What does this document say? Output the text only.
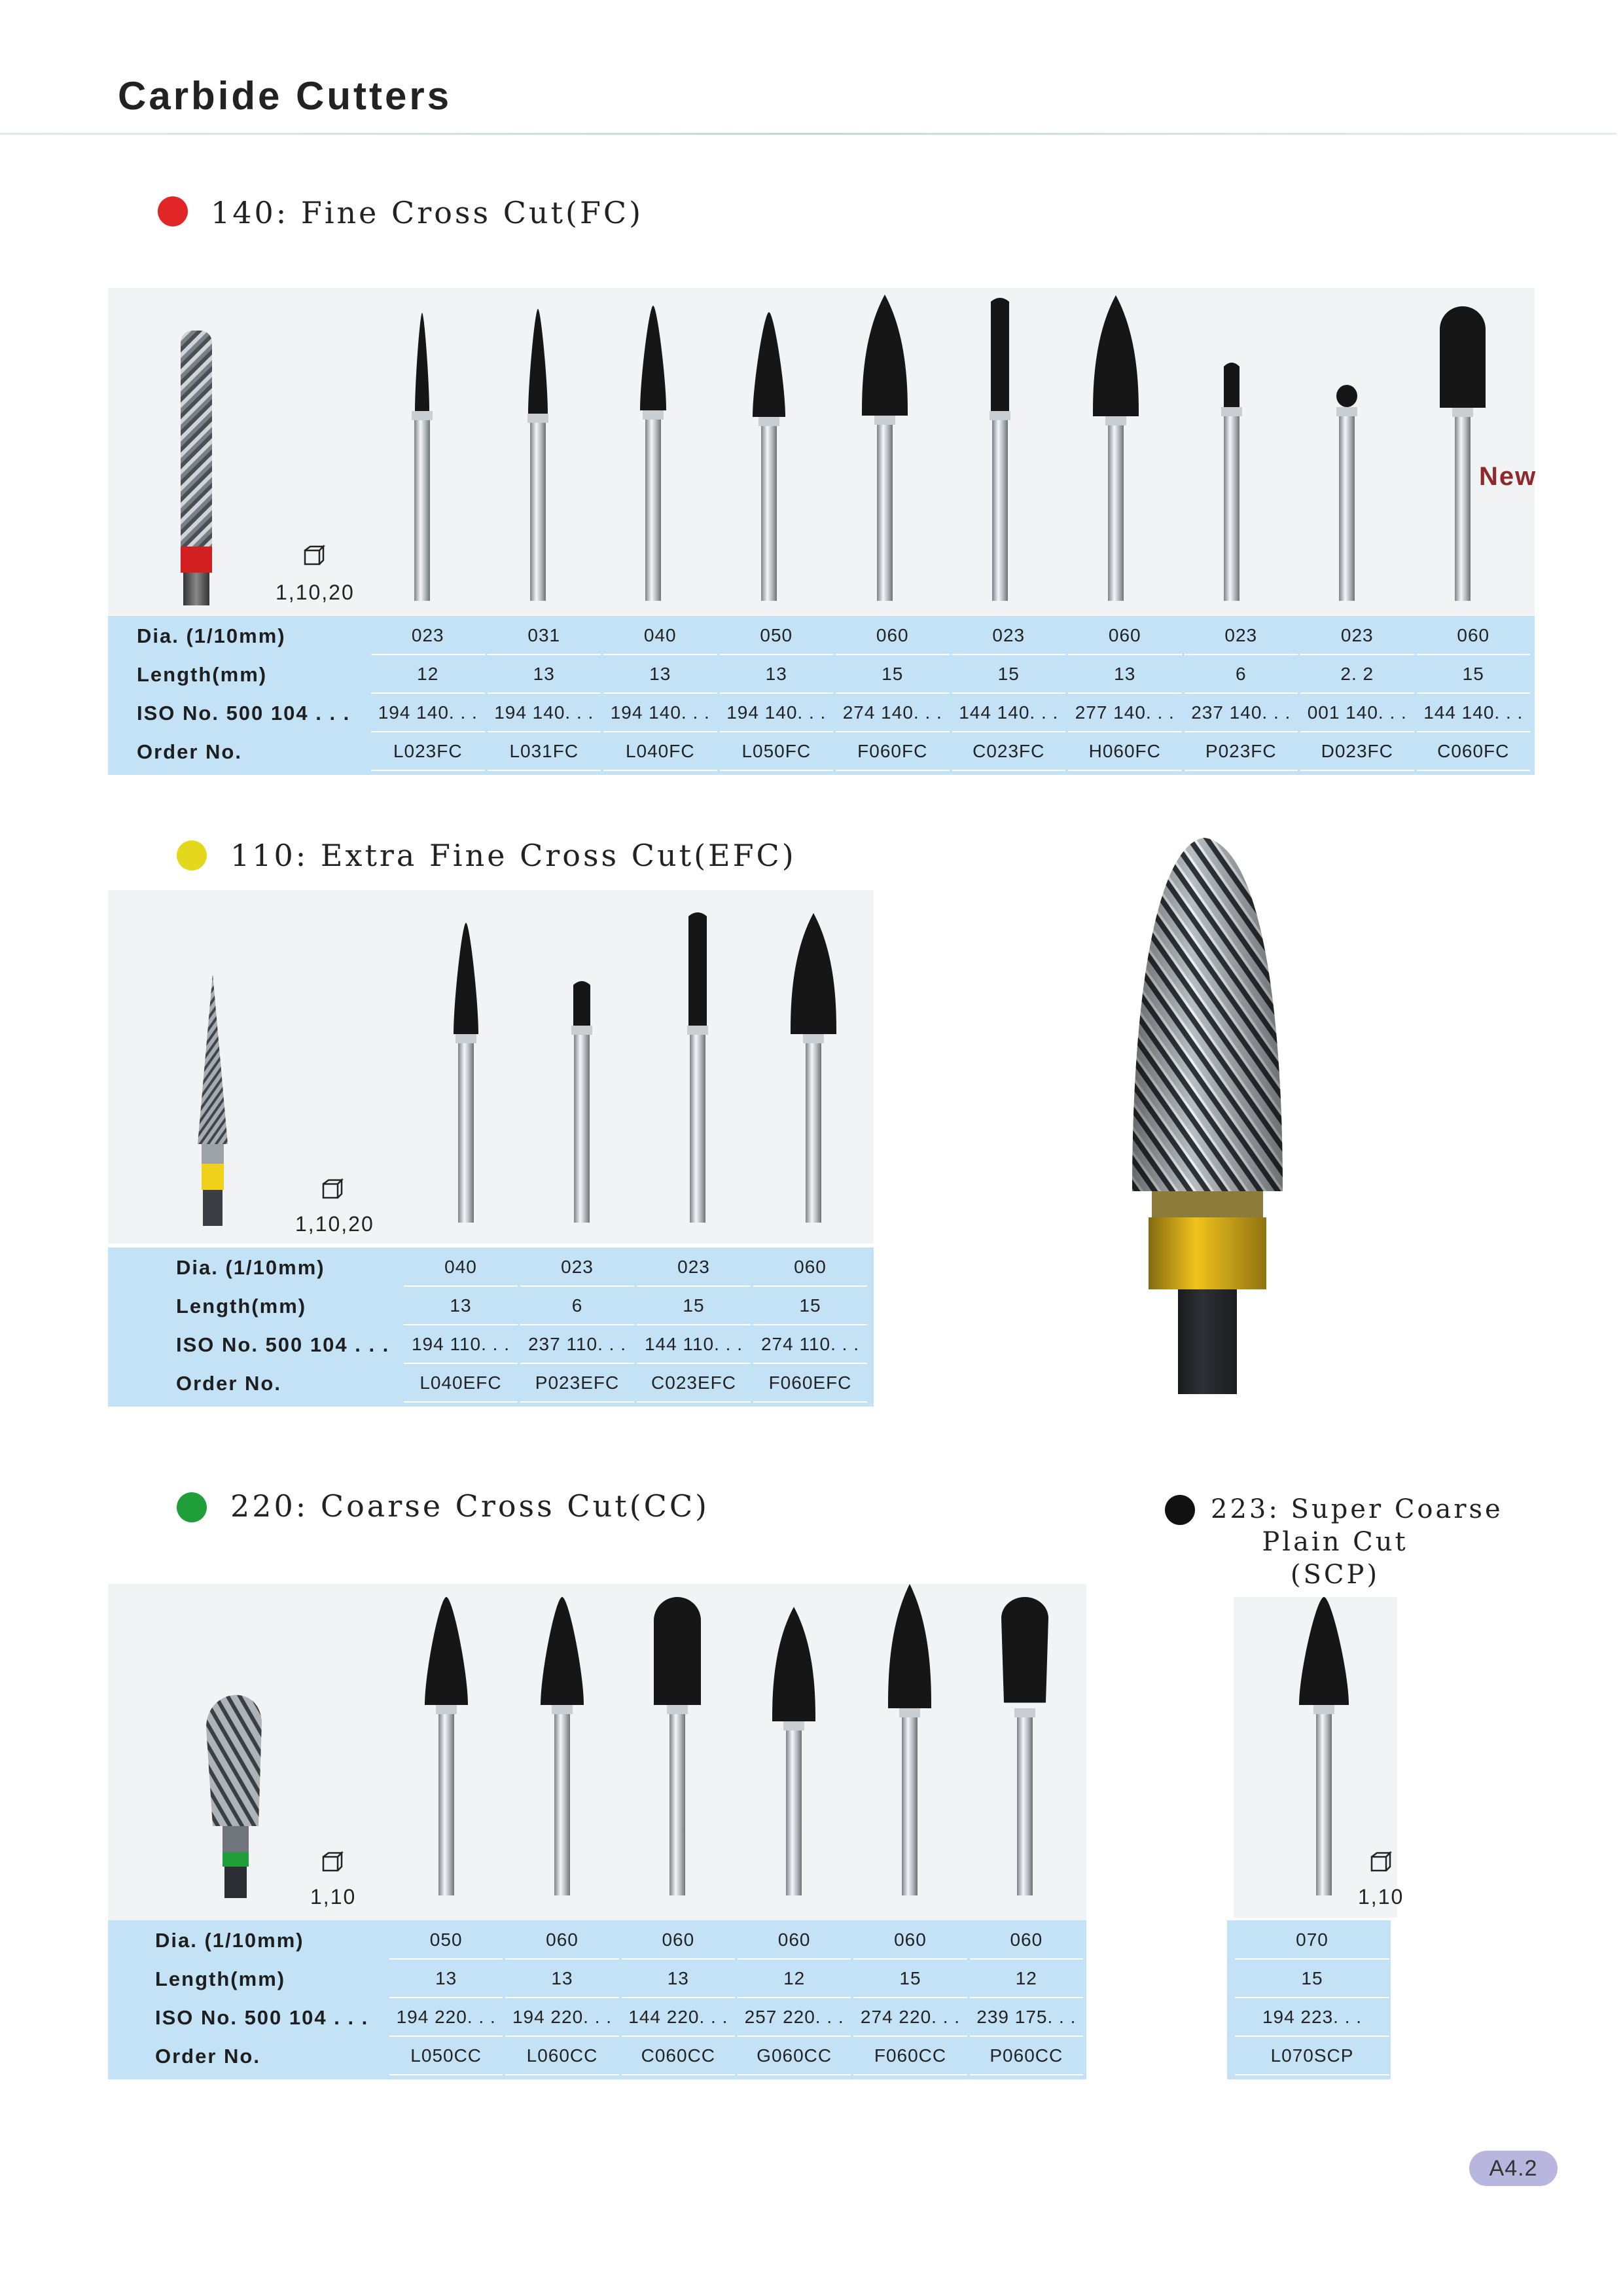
Carbide Cutters
140: Fine Cross Cut(FC)
1,10,20
New
Dia. (1/10mm)
Length(mm)
ISO No. 500 104 . . .
Order No.
023	031	040	050	060	023	060	023	023	060
12	13	13	13	15	15	13	6	2. 2	15
194 140. . . 194 140. . . 194 140. . . 194 140. . . 274 140. . . 144 140. . . 277 140. . . 237 140. . . 001 140. . . 144 140. . .
L023FC	L031FC	L040FC	L050FC	F060FC	C023FC	H060FC	P023FC	D023FC	C060FC
110: Extra Fine Cross Cut(EFC)
1,10,20
Dia. (1/10mm)
Length(mm)
ISO No. 500 104 . . .
Order No.
040	023	023	060
13	6	15	15
194 110. . . 237 110. . . 144 110. . . 274 110. . .
L040EFC	P023EFC	C023EFC	F060EFC
220: Coarse Cross Cut(CC)
1,10
Dia. (1/10mm)
Length(mm)
ISO No. 500 104 . . .
Order No.
050	060	060	060	060	060
13	13	13	12	15	12
194 220. . . 194 220. . . 144 220. . . 257 220. . . 274 220. . . 239 175. . .
L050CC	L060CC	C060CC	G060CC	F060CC	P060CC
223: Super Coarse
Plain Cut
(SCP)
1,10
070
15
194 223. . .
L070SCP
A4.2
